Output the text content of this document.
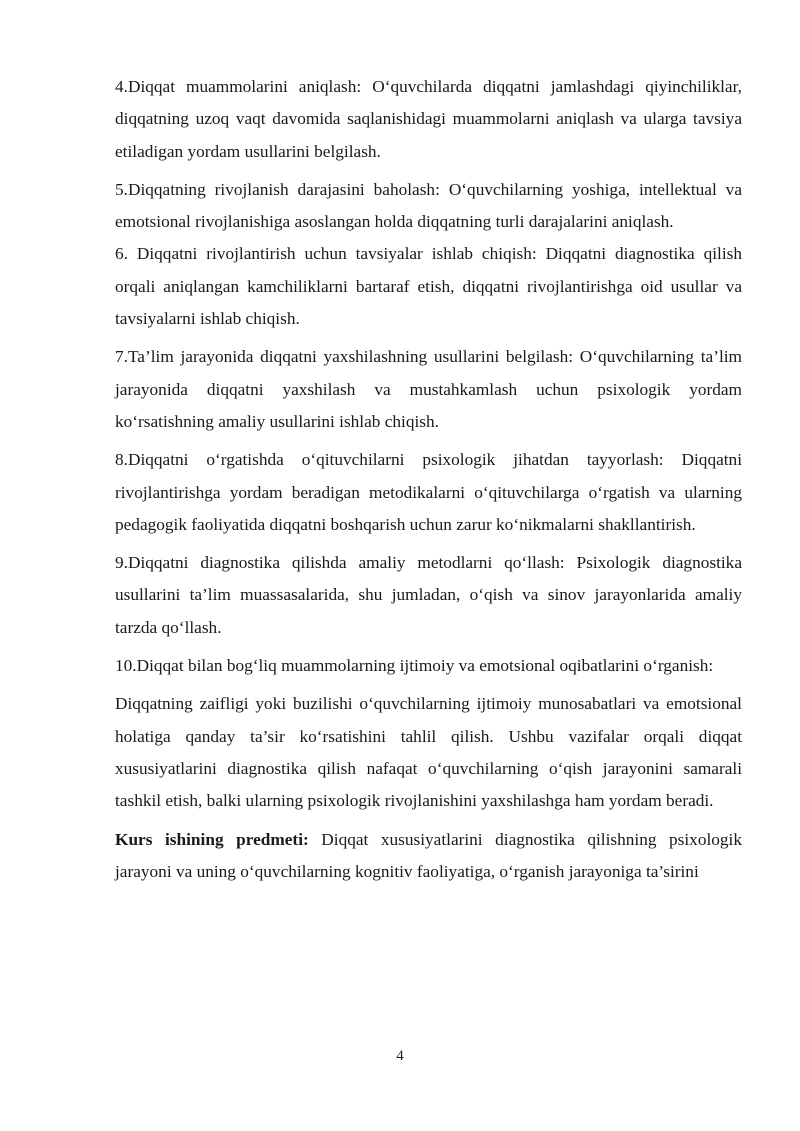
4.Diqqat muammolarini aniqlash: O‘quvchilarda diqqatni jamlashdagi qiyinchiliklar, diqqatning uzoq vaqt davomida saqlanishidagi muammolarni aniqlash va ularga tavsiya etiladigan yordam usullarini belgilash.

5.Diqqatning rivojlanish darajasini baholash: O‘quvchilarning yoshiga, intellektual va emotsional rivojlanishiga asoslangan holda diqqatning turli darajalarini aniqlash.

6. Diqqatni rivojlantirish uchun tavsiyalar ishlab chiqish: Diqqatni diagnostika qilish orqali aniqlangan kamchiliklarni bartaraf etish, diqqatni rivojlantirishga oid usullar va tavsiyalarni ishlab chiqish.

7.Ta’lim jarayonida diqqatni yaxshilashning usullarini belgilash: O‘quvchilarning ta’lim jarayonida diqqatni yaxshilash va mustahkamlash uchun psixologik yordam ko‘rsatishning amaliy usullarini ishlab chiqish.

8.Diqqatni o‘rgatishda o‘qituvchilarni psixologik jihatdan tayyorlash: Diqqatni rivojlantirishga yordam beradigan metodikalarni o‘qituvchilarga o‘rgatish va ularning pedagogik faoliyatida diqqatni boshqarish uchun zarur ko‘nikmalarni shakllantirish.

9.Diqqatni diagnostika qilishda amaliy metodlarni qo‘llash: Psixologik diagnostika usullarini ta’lim muassasalarida, shu jumladan, o‘qish va sinov jarayonlarida amaliy tarzda qo‘llash.

10.Diqqat bilan bog‘liq muammolarning ijtimoiy va emotsional oqibatlarini o‘rganish:

Diqqatning zaifligi yoki buzilishi o‘quvchilarning ijtimoiy munosabatlari va emotsional holatiga qanday ta’sir ko‘rsatishini tahlil qilish. Ushbu vazifalar orqali diqqat xususiyatlarini diagnostika qilish nafaqat o‘quvchilarning o‘qish jarayonini samarali tashkil etish, balki ularning psixologik rivojlanishini yaxshilashga ham yordam beradi.

Kurs ishining predmeti: Diqqat xususiyatlarini diagnostika qilishning psixologik jarayoni va uning o‘quvchilarning kognitiv faoliyatiga, o‘rganish jarayoniga ta’sirini

4
